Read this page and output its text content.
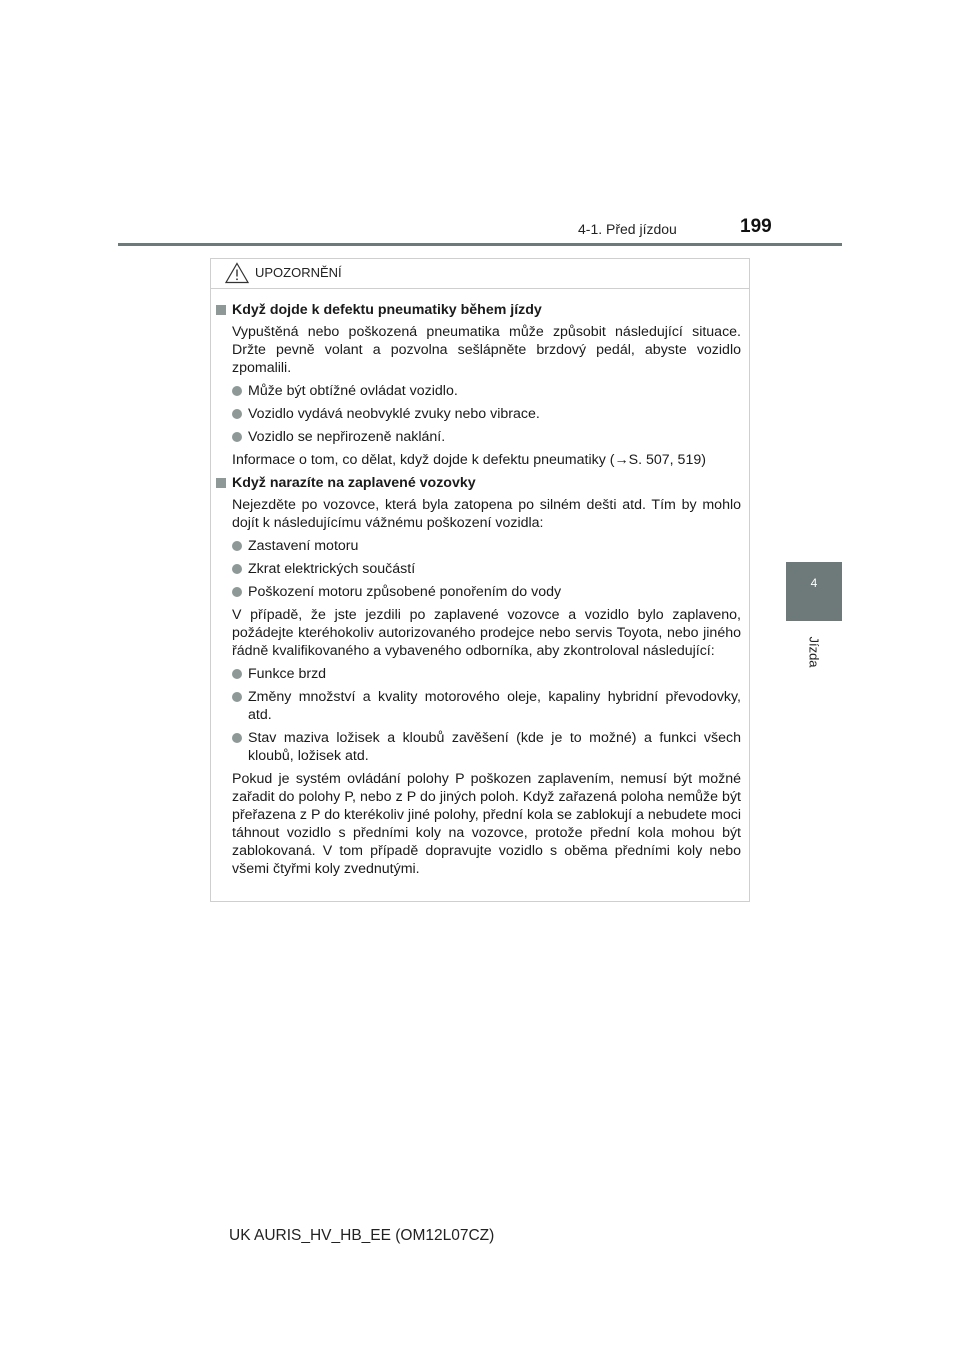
4-1. Před jízdou	199
4
Jízda
UPOZORNĚNÍ
Když dojde k defektu pneumatiky během jízdy
Vypuštěná nebo poškozená pneumatika může způsobit následující situace. Držte pevně volant a pozvolna sešlápněte brzdový pedál, abyste vozidlo zpomalili.
Může být obtížné ovládat vozidlo.
Vozidlo vydává neobvyklé zvuky nebo vibrace.
Vozidlo se nepřirozeně naklání.
Informace o tom, co dělat, když dojde k defektu pneumatiky (→S. 507, 519)
Když narazíte na zaplavené vozovky
Nejezděte po vozovce, která byla zatopena po silném dešti atd. Tím by mohlo dojít k následujícímu vážnému poškození vozidla:
Zastavení motoru
Zkrat elektrických součástí
Poškození motoru způsobené ponořením do vody
V případě, že jste jezdili po zaplavené vozovce a vozidlo bylo zaplaveno, požádejte kteréhokoliv autorizovaného prodejce nebo servis Toyota, nebo jiného řádně kvalifikovaného a vybaveného odborníka, aby zkontroloval následující:
Funkce brzd
Změny množství a kvality motorového oleje, kapaliny hybridní převodovky, atd.
Stav maziva ložisek a kloubů zavěšení (kde je to možné) a funkci všech kloubů, ložisek atd.
Pokud je systém ovládání polohy P poškozen zaplavením, nemusí být možné zařadit do polohy P, nebo z P do jiných poloh. Když zařazená poloha nemůže být přeřazena z P do kterékoliv jiné polohy, přední kola se zablokují a nebudete moci táhnout vozidlo s předními koly na vozovce, protože přední kola mohou být zablokovaná. V tom případě dopravujte vozidlo s oběma předními koly nebo všemi čtyřmi koly zvednutými.
UK AURIS_HV_HB_EE (OM12L07CZ)
